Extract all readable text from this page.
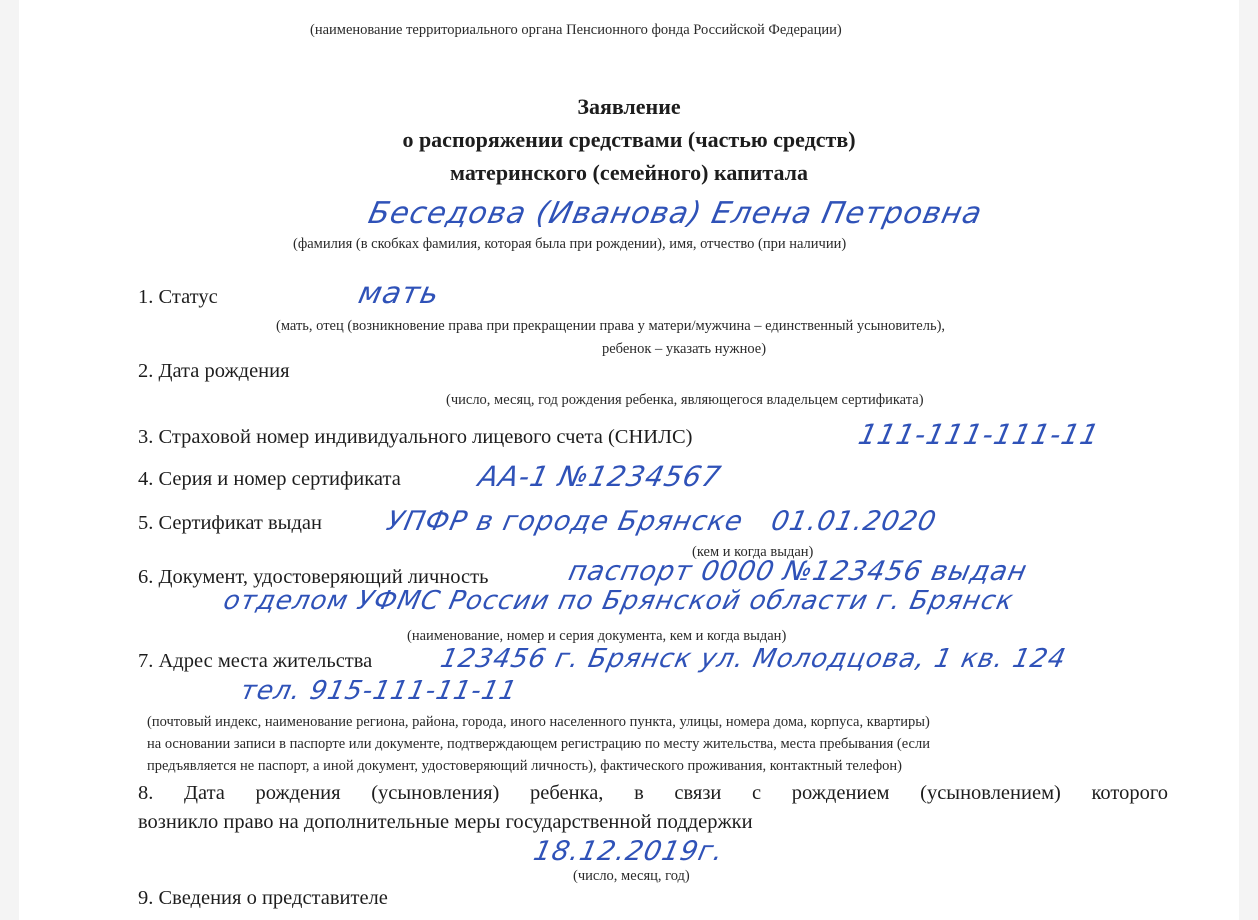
(наименование территориального органа Пенсионного фонда Российской Федерации)
Заявление
о распоряжении средствами (частью средств)
материнского (семейного) капитала
Беседова (Иванова) Елена Петровна
(фамилия (в скобках фамилия, которая была при рождении), имя, отчество (при наличии)
1. Статус	мать
(мать, отец (возникновение права при прекращении права у матери/мужчина – единственный усыновитель),
ребенок – указать нужное)
2. Дата рождения
(число, месяц, год рождения ребенка, являющегося владельцем сертификата)
3. Страховой номер индивидуального лицевого счета (СНИЛС)	111-111-111-11
4. Серия и номер сертификата	АА-1 №1234567
5. Сертификат выдан УПФР в городе Брянске   01.01.2020
(кем и когда выдан)
6. Документ, удостоверяющий личность	паспорт 0000 №123456 выдан
отделом УФМС России по Брянской области г. Брянск
(наименование, номер и серия документа, кем и когда выдан)
7. Адрес места жительства	123456 г. Брянск ул. Молодцова, 1 кв. 124
тел. 915-111-11-11
(почтовый индекс, наименование региона, района, города, иного населенного пункта, улицы, номера дома, корпуса, квартиры)
на основании записи в паспорте или документе, подтверждающем регистрацию по месту жительства, места пребывания (если
предъявляется не паспорт, а иной документ, удостоверяющий личность), фактического проживания, контактный телефон)
8. Дата рождения (усыновления) ребенка, в связи с рождением (усыновлением) которого
возникло право на дополнительные меры государственной поддержки
18.12.2019г.
(число, месяц, год)
9. Сведения о представителе
